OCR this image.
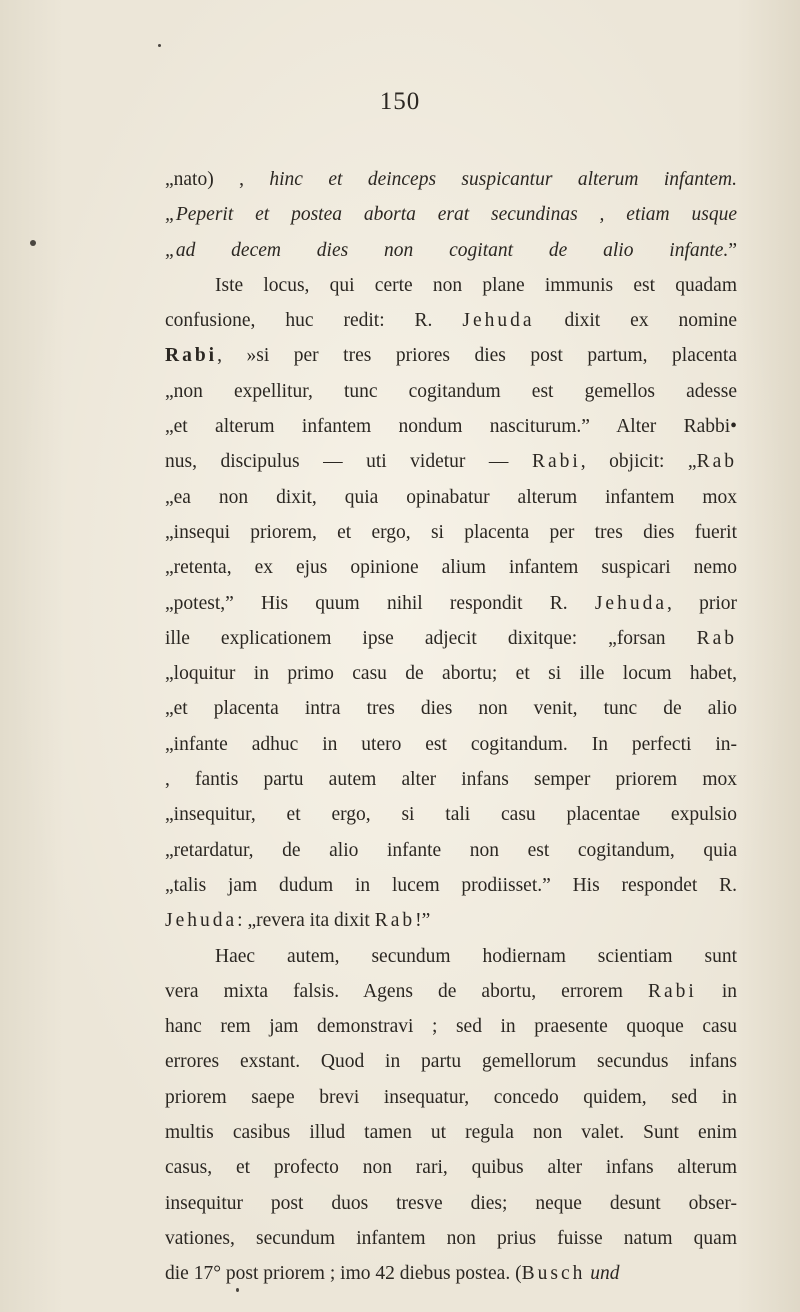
150
„nato) , hinc et deinceps suspicantur alterum infantem.
„Peperit et postea aborta erat secundinas , etiam usque
„ad decem dies non cogitant de alio infante.”
Iste locus, qui certe non plane immunis est quadam
confusione, huc redit: R. Jehuda dixit ex nomine
Rabi, »si per tres priores dies post partum, placenta
„non expellitur, tunc cogitandum est gemellos adesse
„et alterum infantem nondum nasciturum.” Alter Rabbi•
nus, discipulus — uti videtur — Rabi, objicit: „Rab
„ea non dixit, quia opinabatur alterum infantem mox
„insequi priorem, et ergo, si placenta per tres dies fuerit
„retenta, ex ejus opinione alium infantem suspicari nemo
„potest,” His quum nihil respondit R. Jehuda, prior
ille explicationem ipse adjecit dixitque: „forsan Rab
„loquitur in primo casu de abortu; et si ille locum habet,
„et placenta intra tres dies non venit, tunc de alio
„infante adhuc in utero est cogitandum. In perfecti in-
, fantis partu autem alter infans semper priorem mox
„insequitur, et ergo, si tali casu placentae expulsio
„retardatur, de alio infante non est cogitandum, quia
„talis jam dudum in lucem prodiisset.” His respondet R.
Jehuda: „revera ita dixit Rab!”
Haec autem, secundum hodiernam scientiam sunt
vera mixta falsis. Agens de abortu, errorem Rabi in
hanc rem jam demonstravi ; sed in praesente quoque casu
errores exstant. Quod in partu gemellorum secundus infans
priorem saepe brevi insequatur, concedo quidem, sed in
multis casibus illud tamen ut regula non valet. Sunt enim
casus, et profecto non rari, quibus alter infans alterum
insequitur post duos tresve dies; neque desunt obser-
vationes, secundum infantem non prius fuisse natum quam
die 17° post priorem ; imo 42 diebus postea. (Busch und
